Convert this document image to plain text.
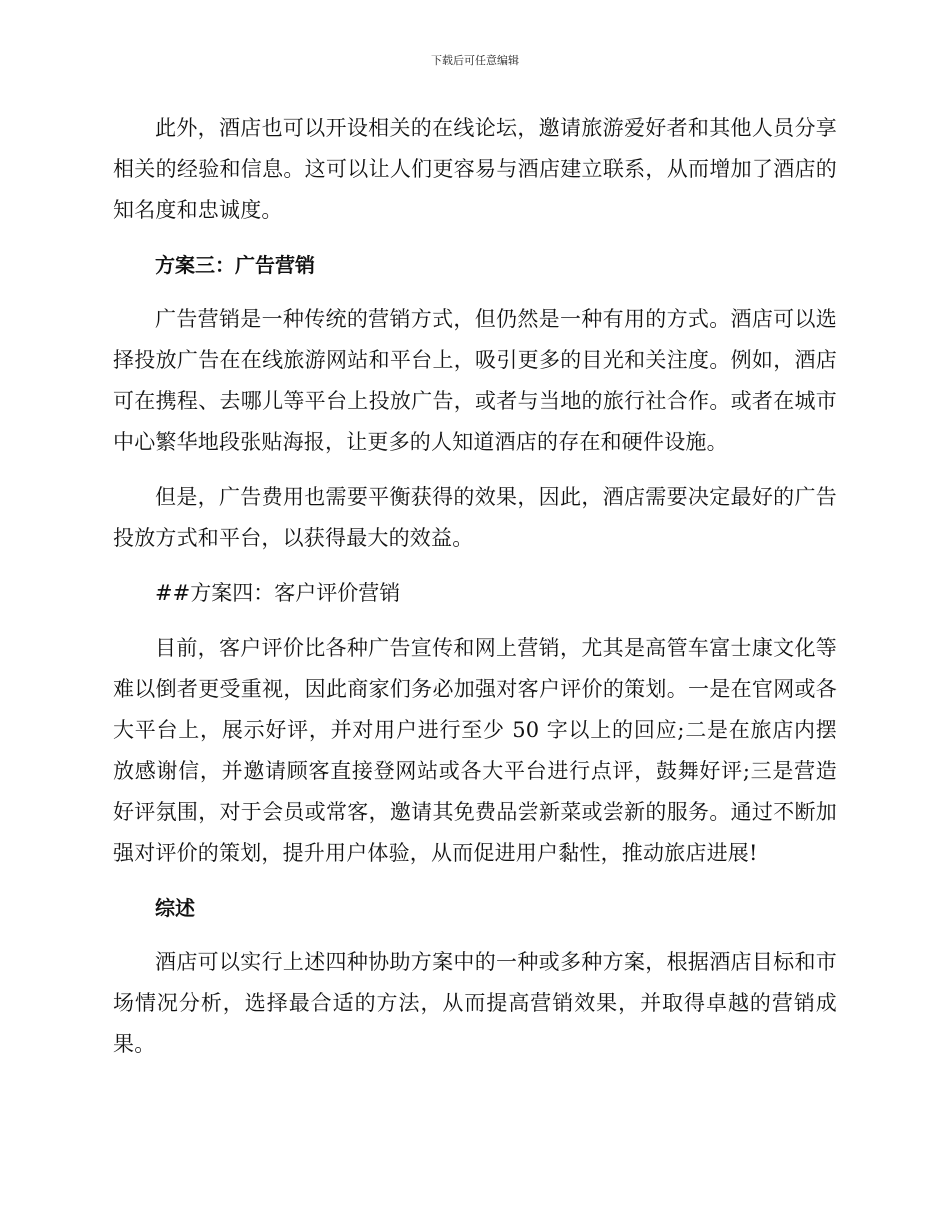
下载后可任意编辑

此外，酒店也可以开设相关的在线论坛，邀请旅游爱好者和其他人员分享相关的经验和信息。这可以让人们更容易与酒店建立联系，从而增加了酒店的知名度和忠诚度。

方案三：广告营销

广告营销是一种传统的营销方式，但仍然是一种有用的方式。酒店可以选择投放广告在在线旅游网站和平台上，吸引更多的目光和关注度。例如，酒店可在携程、去哪儿等平台上投放广告，或者与当地的旅行社合作。或者在城市中心繁华地段张贴海报，让更多的人知道酒店的存在和硬件设施。

但是，广告费用也需要平衡获得的效果，因此，酒店需要决定最好的广告投放方式和平台，以获得最大的效益。

##方案四：客户评价营销

目前，客户评价比各种广告宣传和网上营销，尤其是高管车富士康文化等难以倒者更受重视，因此商家们务必加强对客户评价的策划。一是在官网或各大平台上，展示好评，并对用户进行至少 50 字以上的回应;二是在旅店内摆放感谢信，并邀请顾客直接登网站或各大平台进行点评，鼓舞好评;三是营造好评氛围，对于会员或常客，邀请其免费品尝新菜或尝新的服务。通过不断加强对评价的策划，提升用户体验，从而促进用户黏性，推动旅店进展!

综述

酒店可以实行上述四种协助方案中的一种或多种方案，根据酒店目标和市场情况分析，选择最合适的方法，从而提高营销效果，并取得卓越的营销成果。
